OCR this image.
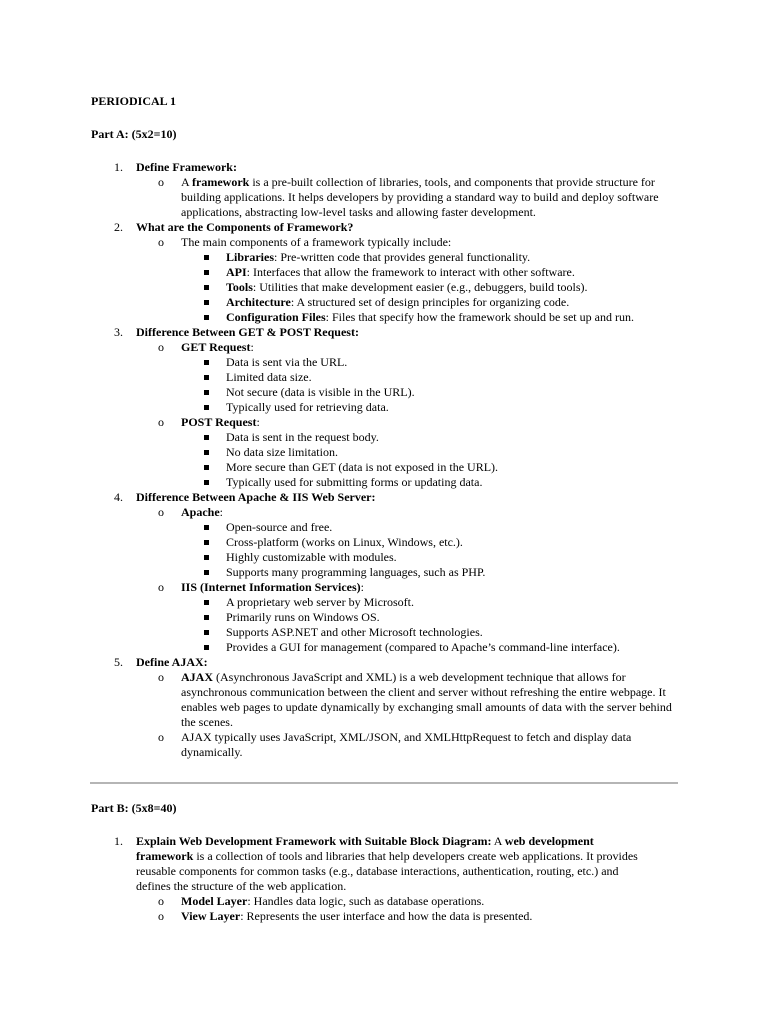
PERIODICAL 1
Part A: (5x2=10)
1. Define Framework:
o A framework is a pre-built collection of libraries, tools, and components that provide structure for building applications. It helps developers by providing a standard way to build and deploy software applications, abstracting low-level tasks and allowing faster development.
2. What are the Components of Framework?
o The main components of a framework typically include:
Libraries: Pre-written code that provides general functionality.
API: Interfaces that allow the framework to interact with other software.
Tools: Utilities that make development easier (e.g., debuggers, build tools).
Architecture: A structured set of design principles for organizing code.
Configuration Files: Files that specify how the framework should be set up and run.
3. Difference Between GET & POST Request:
o GET Request:
Data is sent via the URL.
Limited data size.
Not secure (data is visible in the URL).
Typically used for retrieving data.
o POST Request:
Data is sent in the request body.
No data size limitation.
More secure than GET (data is not exposed in the URL).
Typically used for submitting forms or updating data.
4. Difference Between Apache & IIS Web Server:
o Apache:
Open-source and free.
Cross-platform (works on Linux, Windows, etc.).
Highly customizable with modules.
Supports many programming languages, such as PHP.
o IIS (Internet Information Services):
A proprietary web server by Microsoft.
Primarily runs on Windows OS.
Supports ASP.NET and other Microsoft technologies.
Provides a GUI for management (compared to Apache’s command-line interface).
5. Define AJAX:
o AJAX (Asynchronous JavaScript and XML) is a web development technique that allows for asynchronous communication between the client and server without refreshing the entire webpage. It enables web pages to update dynamically by exchanging small amounts of data with the server behind the scenes.
o AJAX typically uses JavaScript, XML/JSON, and XMLHttpRequest to fetch and display data dynamically.
Part B: (5x8=40)
1. Explain Web Development Framework with Suitable Block Diagram: A web development framework is a collection of tools and libraries that help developers create web applications. It provides reusable components for common tasks (e.g., database interactions, authentication, routing, etc.) and defines the structure of the web application.
o Model Layer: Handles data logic, such as database operations.
o View Layer: Represents the user interface and how the data is presented.
